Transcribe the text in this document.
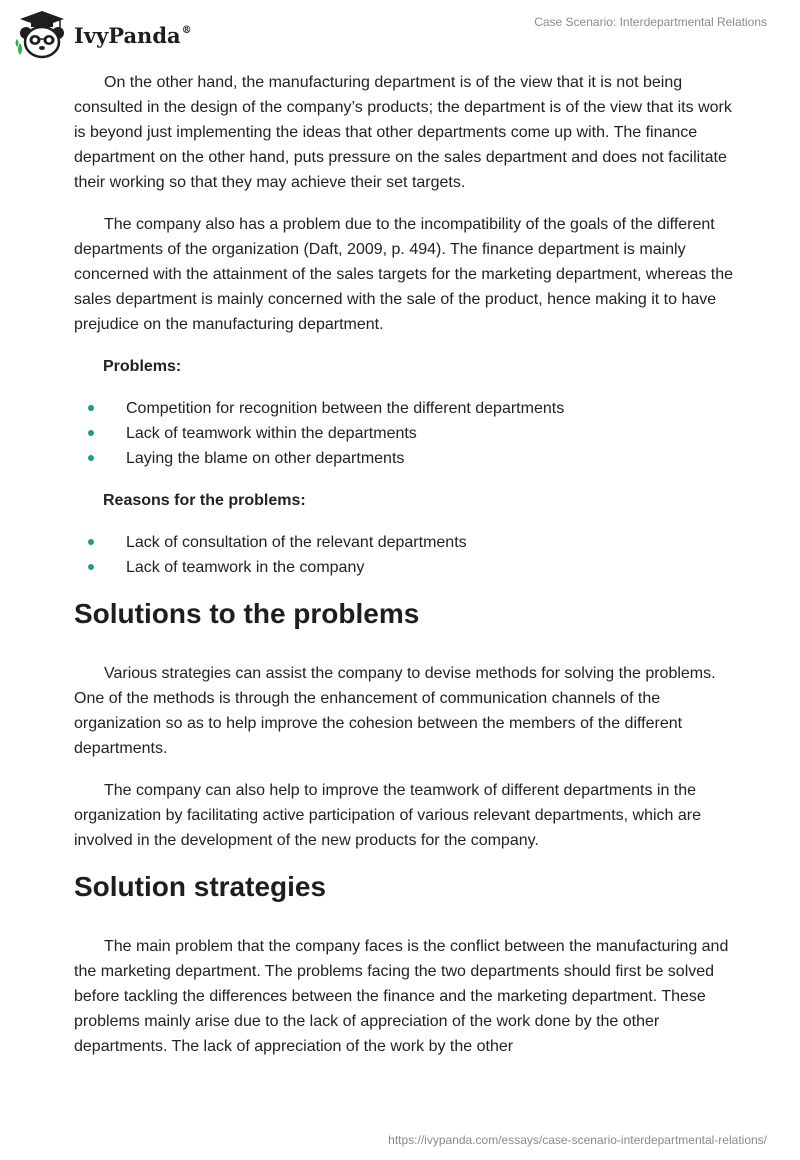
IvyPanda®
Case Scenario: Interdepartmental Relations

On the other hand, the manufacturing department is of the view that it is not being consulted in the design of the company’s products; the department is of the view that its work is beyond just implementing the ideas that other departments come up with. The finance department on the other hand, puts pressure on the sales department and does not facilitate their working so that they may achieve their set targets.

The company also has a problem due to the incompatibility of the goals of the different departments of the organization (Daft, 2009, p. 494). The finance department is mainly concerned with the attainment of the sales targets for the marketing department, whereas the sales department is mainly concerned with the sale of the product, hence making it to have prejudice on the manufacturing department.

Problems:
Competition for recognition between the different departments
Lack of teamwork within the departments
Laying the blame on other departments
Reasons for the problems:
Lack of consultation of the relevant departments
Lack of teamwork in the company
Solutions to the problems

Various strategies can assist the company to devise methods for solving the problems. One of the methods is through the enhancement of communication channels of the organization so as to help improve the cohesion between the members of the different departments.

The company can also help to improve the teamwork of different departments in the organization by facilitating active participation of various relevant departments, which are involved in the development of the new products for the company.

Solution strategies

The main problem that the company faces is the conflict between the manufacturing and the marketing department. The problems facing the two departments should first be solved before tackling the differences between the finance and the marketing department. These problems mainly arise due to the lack of appreciation of the work done by the other departments. The lack of appreciation of the work by the other

https://ivypanda.com/essays/case-scenario-interdepartmental-relations/
